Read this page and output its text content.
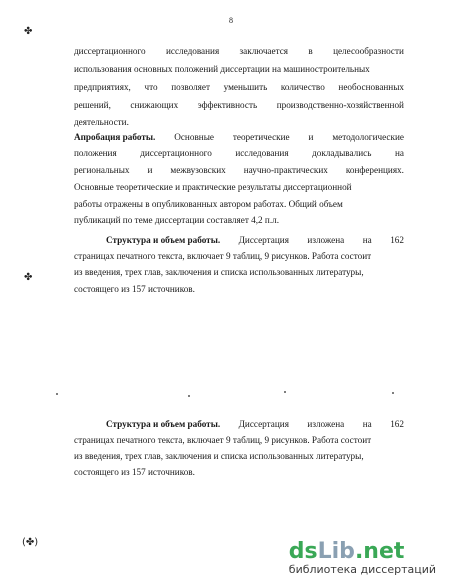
8
✤
✤
(✤)
диссертационного исследования заключается в целесообразности
использования основных положений диссертации на машиностроительных
предприятиях, что позволяет уменьшить количество необоснованных
решений, снижающих эффективность производственно-хозяйственной
деятельности.
Апробация работы. Основные теоретические и методологические
положения	диссертационного	исследования	докладывались	на
региональных и межвузовских научно-практических конференциях.
Основные теоретические и практические результаты диссертационной
работы отражены в опубликованных автором работах. Общий объем
публикаций по теме диссертации составляет 4,2 п.л.
Структура и объем работы. Диссертация изложена на 162
страницах печатного текста, включает 9 таблиц, 9 рисунков. Работа состоит
из введения, трех глав, заключения и списка использованных литературы,
состоящего из 157 источников.
Структура и объем работы. Диссертация изложена на 162
страницах печатного текста, включает 9 таблиц, 9 рисунков. Работа состоит
из введения, трех глав, заключения и списка использованных литературы,
состоящего из 157 источников.
dsLib.net
библиотека диссертаций
